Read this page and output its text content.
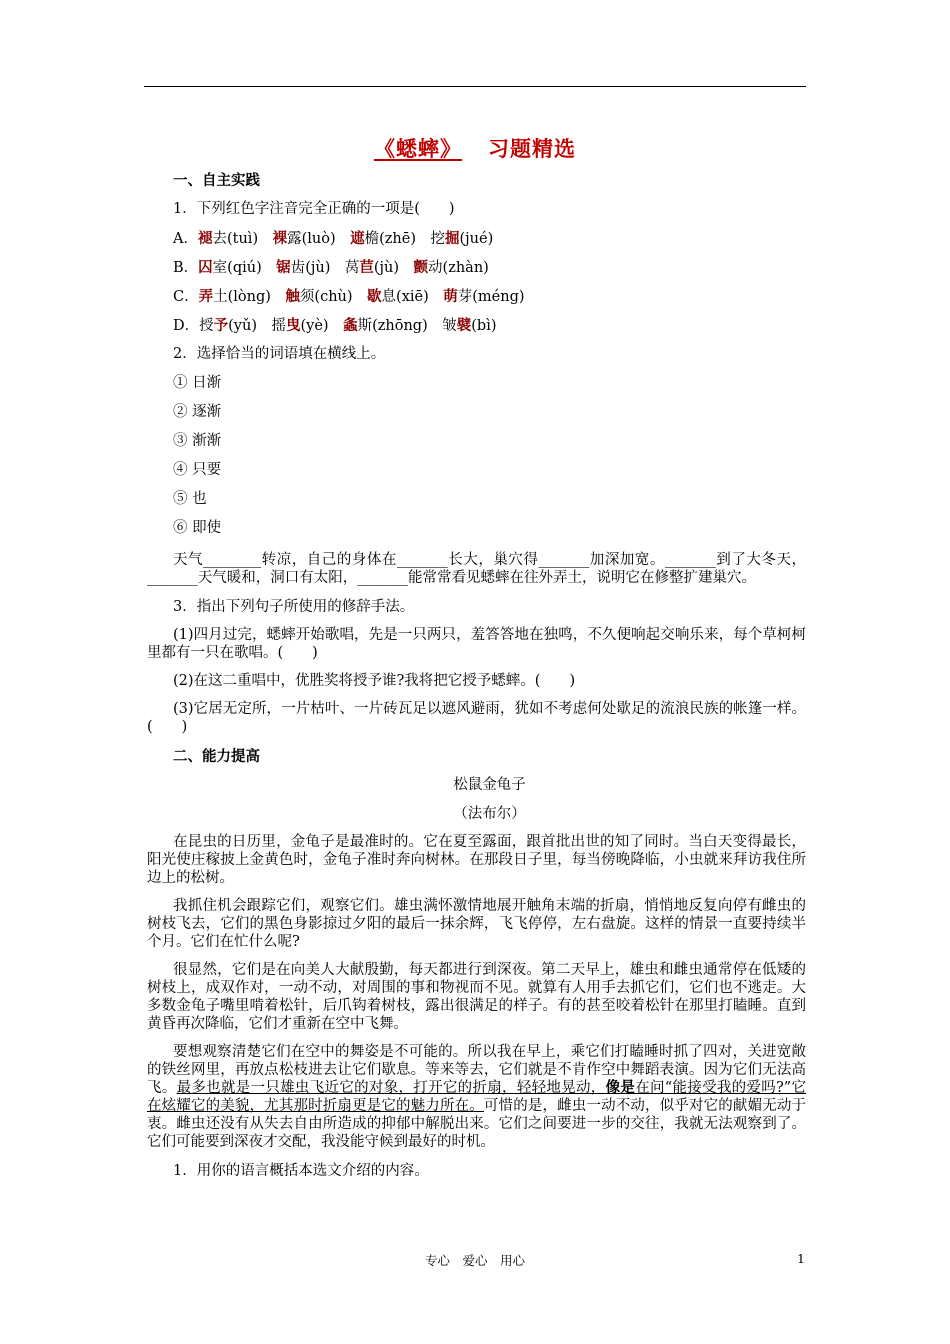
《蟋蟀》 习题精选

一、自主实践

1．下列红色字注音完全正确的一项是(　　)

A．褪去(tuì)　 裸露(luò)　 遮檐(zhē)　 挖掘(jué)

B．囚室(qiú)　 锯齿(jù)　 莴苣(jù)　 颤动(zhàn)

C．弄土(lòng)　 触须(chù)　 歇息(xiē)　 萌芽(méng)

D．授予(yǔ)　 摇曳(yè)　 螽斯(zhōng)　 皱襞(bì)

2．选择恰当的词语填在横线上。

① 日渐

② 逐渐

③ 渐渐

④ 只要

⑤ 也

⑥ 即使

天气________转凉，自己的身体在_______长大，巢穴得_______加深加宽。_______到了大冬天，_______天气暖和，洞口有太阳，_______能常常看见蟋蟀在往外弄土，说明它在修整扩建巢穴。

3．指出下列句子所使用的修辞手法。

(1)四月过完，蟋蟀开始歌唱，先是一只两只，羞答答地在独鸣，不久便响起交响乐来，每个草柯柯里都有一只在歌唱。(　　)

(2)在这二重唱中，优胜奖将授予谁?我将把它授予蟋蟀。(　　)

(3)它居无定所，一片枯叶、一片砖瓦足以遮风避雨，犹如不考虑何处歇足的流浪民族的帐篷一样。(　　)

二、能力提高

松鼠金龟子

（法布尔）

在昆虫的日历里，金龟子是最准时的。它在夏至露面，跟首批出世的知了同时。当白天变得最长，阳光使庄稼披上金黄色时，金龟子准时奔向树林。在那段日子里，每当傍晚降临，小虫就来拜访我住所边上的松树。

我抓住机会跟踪它们，观察它们。雄虫满怀激情地展开触角末端的折扇，悄悄地反复向停有雌虫的树枝飞去，它们的黑色身影掠过夕阳的最后一抹余辉，飞飞停停，左右盘旋。这样的情景一直要持续半个月。它们在忙什么呢?

很显然，它们是在向美人大献殷勤，每天都进行到深夜。第二天早上，雄虫和雌虫通常停在低矮的树枝上，成双作对，一动不动，对周围的事和物视而不见。就算有人用手去抓它们，它们也不逃走。大多数金龟子嘴里啃着松针，后爪钩着树枝，露出很满足的样子。有的甚至咬着松针在那里打瞌睡。直到黄昏再次降临，它们才重新在空中飞舞。

要想观察清楚它们在空中的舞姿是不可能的。所以我在早上，乘它们打瞌睡时抓了四对，关进宽敞的铁丝网里，再放点松枝进去让它们歇息。等来等去，它们就是不肯作空中舞蹈表演。因为它们无法高飞。最多也就是一只雄虫飞近它的对象，打开它的折扇，轻轻地晃动，像是在问“能接受我的爱吗?”它在炫耀它的美貌，尤其那时折扇更是它的魅力所在。可惜的是，雌虫一动不动，似乎对它的献媚无动于衷。雌虫还没有从失去自由所造成的抑郁中解脱出来。它们之间要进一步的交往，我就无法观察到了。它们可能要到深夜才交配，我没能守候到最好的时机。

1．用你的语言概括本选文介绍的内容。

专心　爱心　用心	1
